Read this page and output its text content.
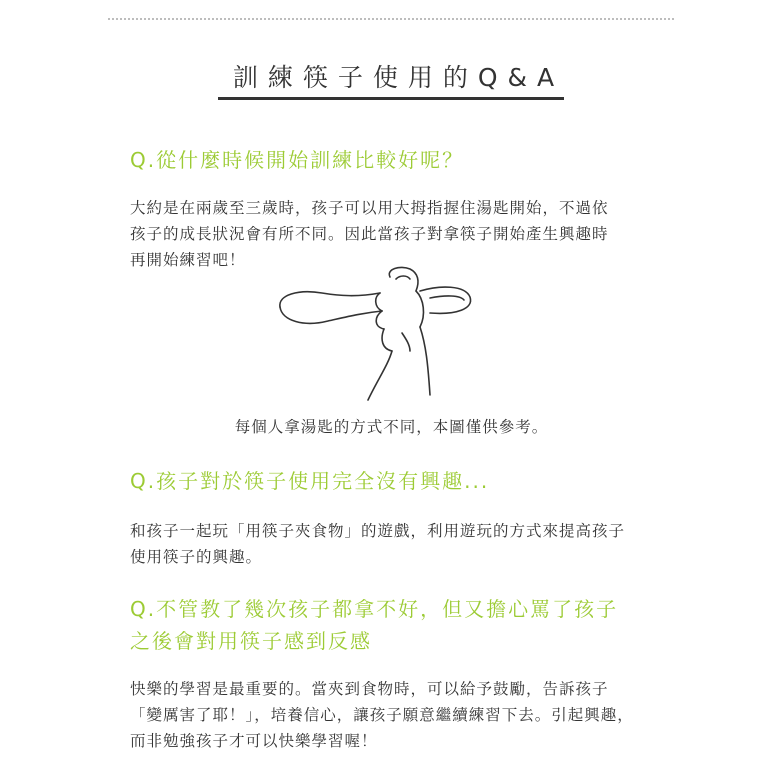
訓練筷子使用的Q&A
Q.從什麼時候開始訓練比較好呢？

大約是在兩歲至三歲時，孩子可以用大拇指握住湯匙開始，不過依
孩子的成長狀況會有所不同。因此當孩子對拿筷子開始產生興趣時
再開始練習吧！

每個人拿湯匙的方式不同，本圖僅供參考。
Q.孩子對於筷子使用完全沒有興趣...

和孩子一起玩「用筷子夾食物」的遊戲，利用遊玩的方式來提高孩子
使用筷子的興趣。

Q.不管教了幾次孩子都拿不好，但又擔心罵了孩子
之後會對用筷子感到反感

快樂的學習是最重要的。當夾到食物時，可以給予鼓勵，告訴孩子
「變厲害了耶！」，培養信心，讓孩子願意繼續練習下去。引起興趣，
而非勉強孩子才可以快樂學習喔！
